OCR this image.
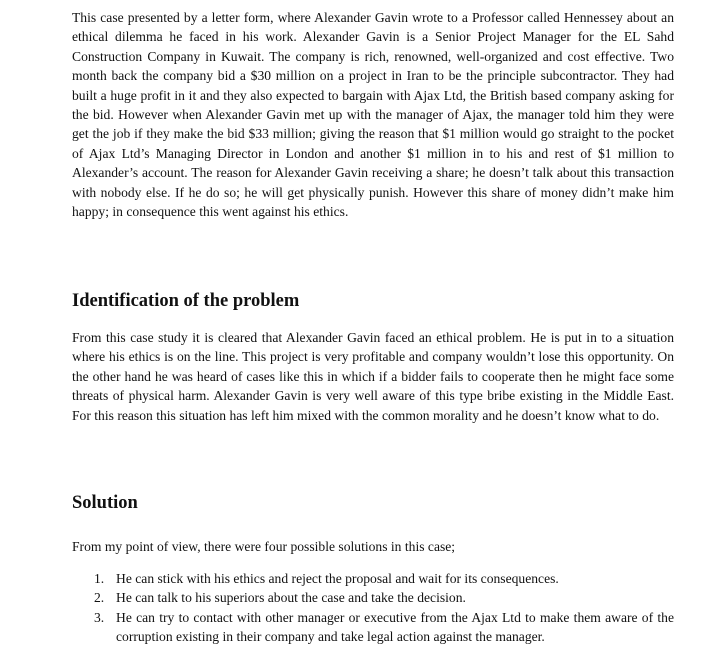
This case presented by a letter form, where Alexander Gavin wrote to a Professor called Hennessey about an ethical dilemma he faced in his work. Alexander Gavin is a Senior Project Manager for the EL Sahd Construction Company in Kuwait. The company is rich, renowned, well-organized and cost effective. Two month back the company bid a $30 million on a project in Iran to be the principle subcontractor. They had built a huge profit in it and they also expected to bargain with Ajax Ltd, the British based company asking for the bid. However when Alexander Gavin met up with the manager of Ajax, the manager told him they were get the job if they make the bid $33 million; giving the reason that $1 million would go straight to the pocket of Ajax Ltd’s Managing Director in London and another $1 million in to his and rest of $1 million to Alexander’s account. The reason for Alexander Gavin receiving a share; he doesn’t talk about this transaction with nobody else. If he do so; he will get physically punish. However this share of money didn’t make him happy; in consequence this went against his ethics.

Identification of the problem

From this case study it is cleared that Alexander Gavin faced an ethical problem. He is put in to a situation where his ethics is on the line. This project is very profitable and company wouldn’t lose this opportunity. On the other hand he was heard of cases like this in which if a bidder fails to cooperate then he might face some threats of physical harm. Alexander Gavin is very well aware of this type bribe existing in the Middle East. For this reason this situation has left him mixed with the common morality and he doesn’t know what to do.

Solution

From my point of view, there were four possible solutions in this case;

1. He can stick with his ethics and reject the proposal and wait for its consequences.
2. He can talk to his superiors about the case and take the decision.
3. He can try to contact with other manager or executive from the Ajax Ltd to make them aware of the corruption existing in their company and take legal action against the manager.
